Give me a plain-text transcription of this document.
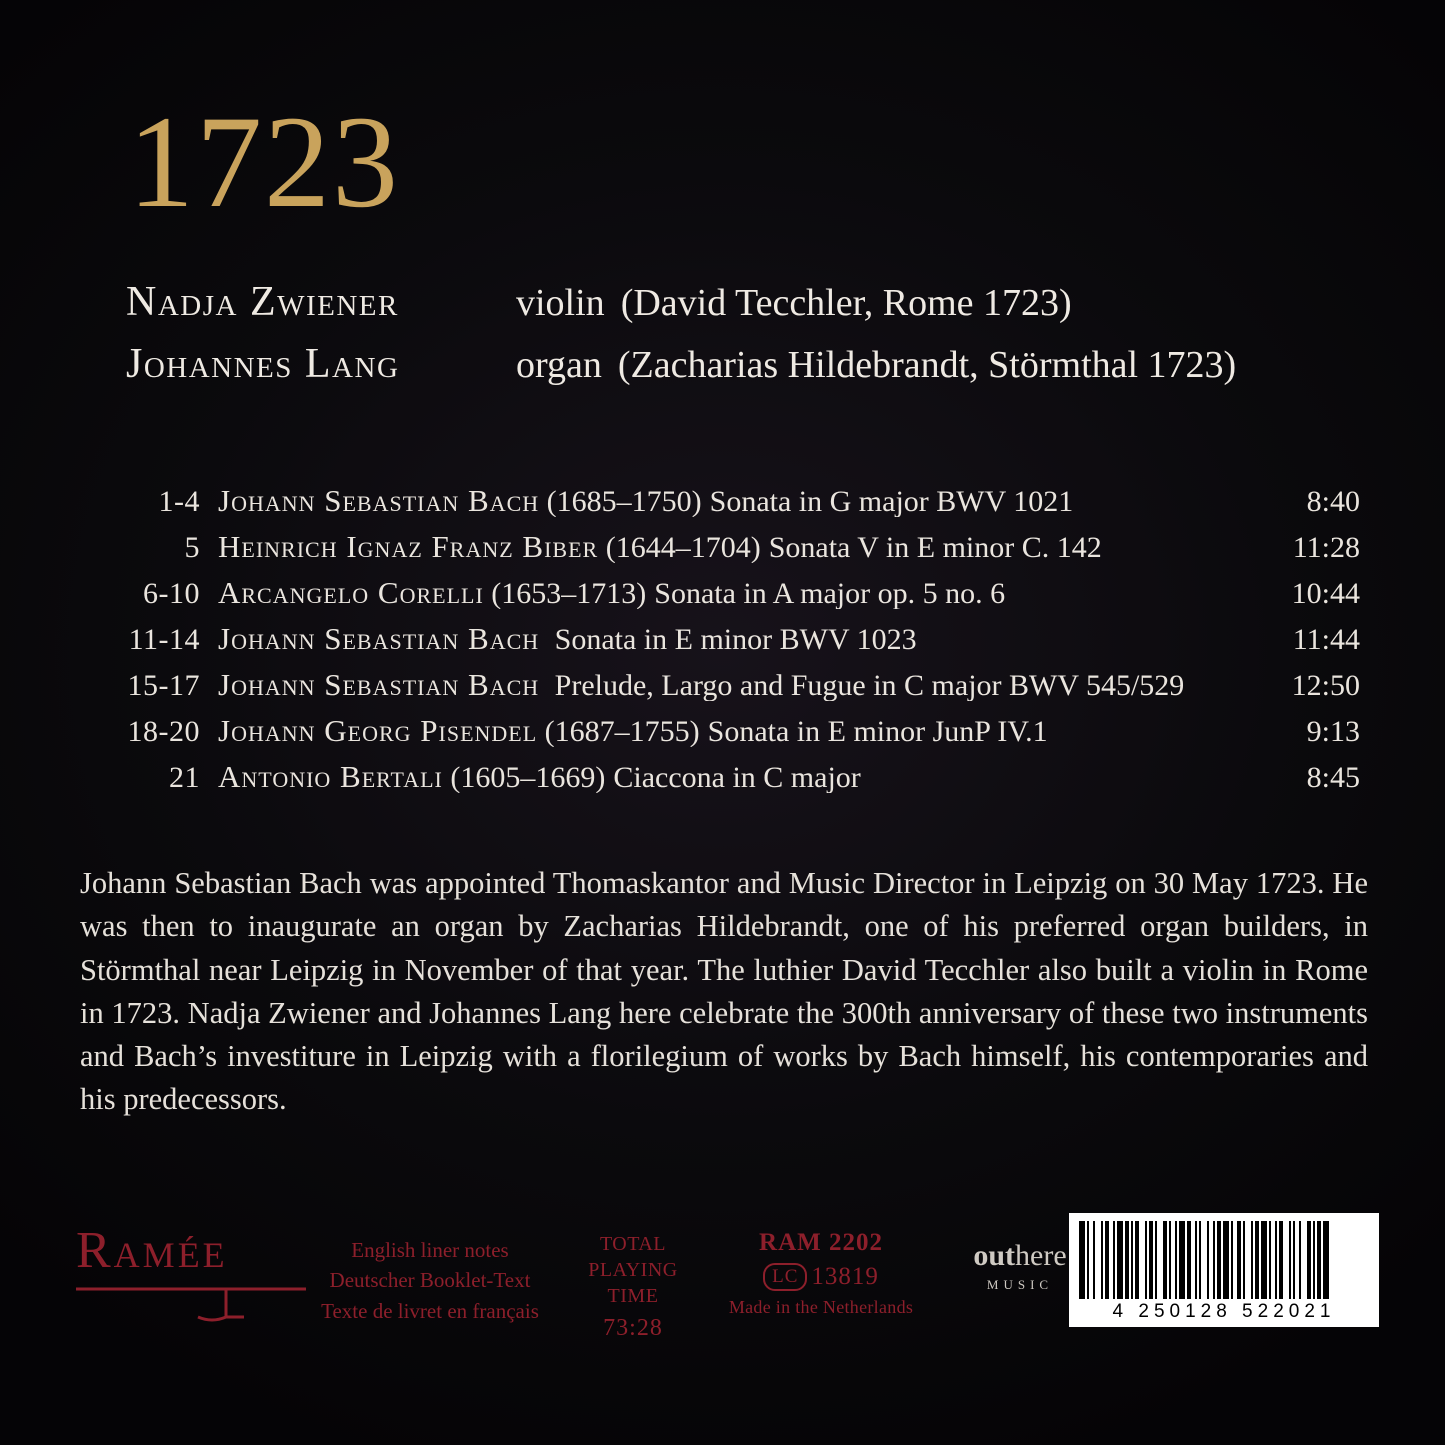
1723
Nadja Zwiener	violin (David Tecchler, Rome 1723)
Johannes Lang	organ (Zacharias Hildebrandt, Störmthal 1723)
1-4 Johann Sebastian Bach (1685–1750) Sonata in G major BWV 1021	8:40
5 Heinrich Ignaz Franz Biber (1644–1704) Sonata V in E minor C. 142	11:28
6-10 Arcangelo Corelli (1653–1713) Sonata in A major op. 5 no. 6	10:44
11-14 Johann Sebastian Bach Sonata in E minor BWV 1023	11:44
15-17 Johann Sebastian Bach Prelude, Largo and Fugue in C major BWV 545/529	12:50
18-20 Johann Georg Pisendel (1687–1755) Sonata in E minor JunP IV.1	9:13
21 Antonio Bertali (1605–1669) Ciaccona in C major	8:45
Johann Sebastian Bach was appointed Thomaskantor and Music Director in Leipzig on 30 May 1723. He was then to inaugurate an organ by Zacharias Hildebrandt, one of his preferred organ builders, in Störmthal near Leipzig in November of that year. The luthier David Tecchler also built a violin in Rome in 1723. Nadja Zwiener and Johannes Lang here celebrate the 300th anniversary of these two instruments and Bach’s investiture in Leipzig with a florilegium of works by Bach himself, his contemporaries and his predecessors.
Ramée	English liner notes
Deutscher Booklet-Text
Texte de livret en français
TOTAL
PLAYING
TIME
73:28
RAM 2202
LC 13819
Made in the Netherlands
outhere
MUSIC
4 250128 522021
